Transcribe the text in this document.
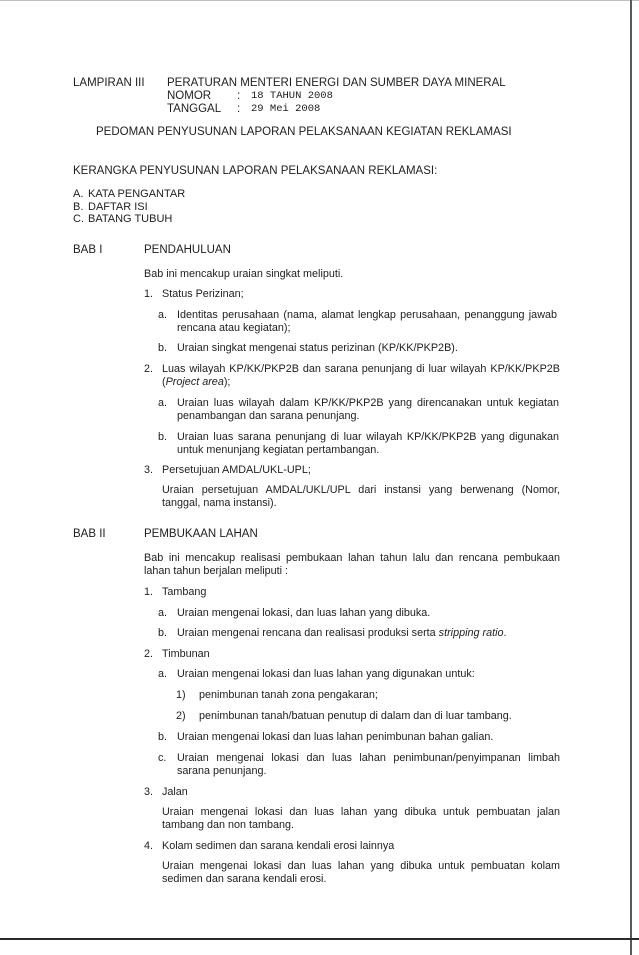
LAMPIRAN III	PERATURAN MENTERI ENERGI DAN SUMBER DAYA MINERAL
NOMOR	:	18 TAHUN 2008
TANGGAL	:	29 Mei 2008
PEDOMAN PENYUSUNAN LAPORAN PELAKSANAAN KEGIATAN REKLAMASI
KERANGKA PENYUSUNAN LAPORAN PELAKSANAAN REKLAMASI:
A. KATA PENGANTAR
B. DAFTAR ISI
C. BATANG TUBUH
BAB I	PENDAHULUAN
Bab ini mencakup uraian singkat meliputi.
1. Status Perizinan;
a. Identitas perusahaan (nama, alamat lengkap perusahaan, penanggung jawab rencana atau kegiatan);
b. Uraian singkat mengenai status perizinan (KP/KK/PKP2B).
2. Luas wilayah KP/KK/PKP2B dan sarana penunjang di luar wilayah KP/KK/PKP2B (Project area);
a. Uraian luas wilayah dalam KP/KK/PKP2B yang direncanakan untuk kegiatan penambangan dan sarana penunjang.
b. Uraian luas sarana penunjang di luar wilayah KP/KK/PKP2B yang digunakan untuk menunjang kegiatan pertambangan.
3. Persetujuan AMDAL/UKL-UPL;
Uraian persetujuan AMDAL/UKL/UPL dari instansi yang berwenang (Nomor, tanggal, nama instansi).
BAB II	PEMBUKAAN LAHAN
Bab ini mencakup realisasi pembukaan lahan tahun lalu dan rencana pembukaan lahan tahun berjalan meliputi :
1. Tambang
a. Uraian mengenai lokasi, dan luas lahan yang dibuka.
b. Uraian mengenai rencana dan realisasi produksi serta stripping ratio.
2. Timbunan
a. Uraian mengenai lokasi dan luas lahan yang digunakan untuk:
1) penimbunan tanah zona pengakaran;
2) penimbunan tanah/batuan penutup di dalam dan di luar tambang.
b. Uraian mengenai lokasi dan luas lahan penimbunan bahan galian.
c. Uraian mengenai lokasi dan luas lahan penimbunan/penyimpanan limbah sarana penunjang.
3. Jalan
Uraian mengenai lokasi dan luas lahan yang dibuka untuk pembuatan jalan tambang dan non tambang.
4. Kolam sedimen dan sarana kendali erosi lainnya
Uraian mengenai lokasi dan luas lahan yang dibuka untuk pembuatan kolam sedimen dan sarana kendali erosi.
